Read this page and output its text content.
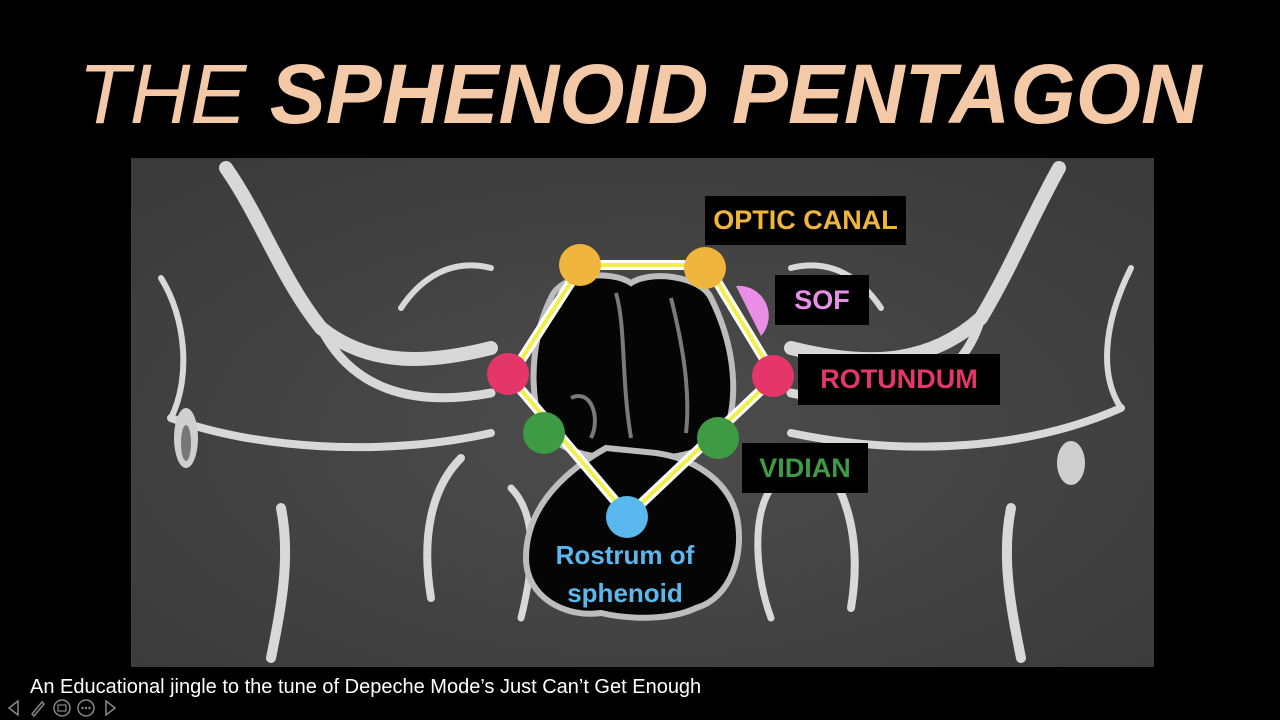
THE SPHENOID PENTAGON
OPTIC CANAL
SOF
ROTUNDUM
VIDIAN
Rostrum of
sphenoid
An Educational jingle to the tune of Depeche Mode’s Just Can’t Get Enough
